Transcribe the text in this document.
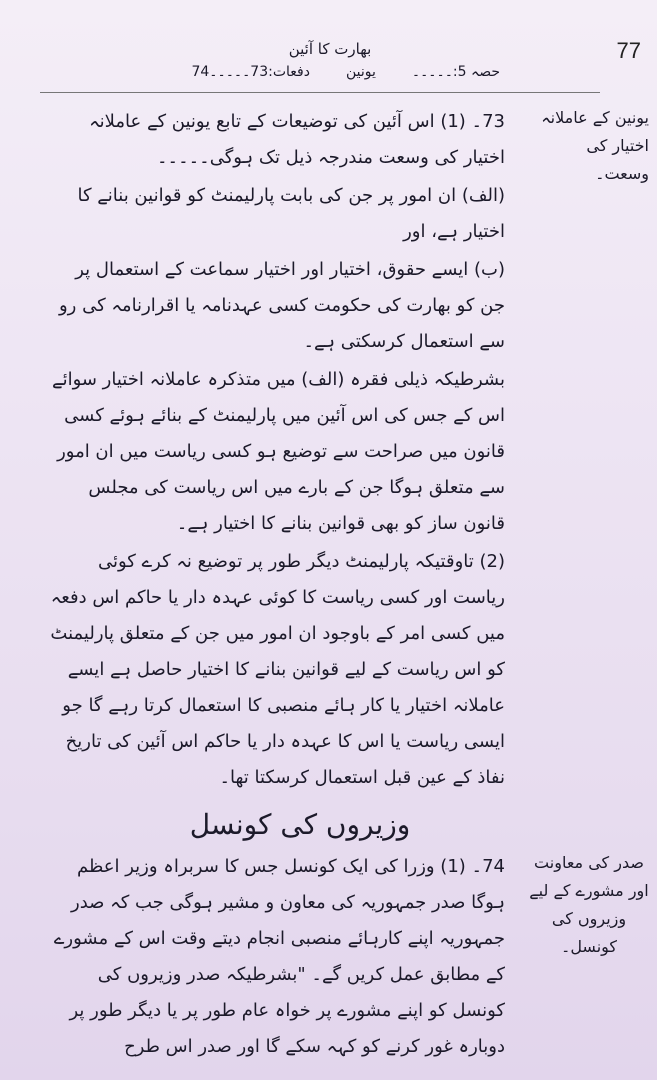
77
بھارت کا آئین
حصہ 5:۔۔۔۔۔
یونین
دفعات:73۔۔۔۔۔74
یونین کے عاملانہ اختیار کی وسعت۔
73۔ (1) اس آئین کی توضیعات کے تابع یونین کے عاملانہ اختیار کی وسعت مندرجہ ذیل تک ہوگی۔۔۔۔۔
(الف) ان امور پر جن کی بابت پارلیمنٹ کو قوانین بنانے کا اختیار ہے، اور
(ب) ایسے حقوق، اختیار اور اختیار سماعت کے استعمال پر جن کو بھارت کی حکومت کسی عہدنامہ یا اقرارنامہ کی رو سے استعمال کرسکتی ہے۔
بشرطیکہ ذیلی فقرہ (الف) میں متذکرہ عاملانہ اختیار سوائے اس کے جس کی اس آئین میں پارلیمنٹ کے بنائے ہوئے کسی قانون میں صراحت سے توضیع ہو کسی ریاست میں ان امور سے متعلق ہوگا جن کے بارے میں اس ریاست کی مجلس قانون ساز کو بھی قوانین بنانے کا اختیار ہے۔
(2) تاوقتیکہ پارلیمنٹ دیگر طور پر توضیع نہ کرے کوئی ریاست اور کسی ریاست کا کوئی عہدہ دار یا حاکم اس دفعہ میں کسی امر کے باوجود ان امور میں جن کے متعلق پارلیمنٹ کو اس ریاست کے لیے قوانین بنانے کا اختیار حاصل ہے ایسے عاملانہ اختیار یا کار ہائے منصبی کا استعمال کرتا رہے گا جو ایسی ریاست یا اس کا عہدہ دار یا حاکم اس آئین کی تاریخ نفاذ کے عین قبل استعمال کرسکتا تھا۔
وزیروں کی کونسل
صدر کی معاونت اور مشورے کے لیے وزیروں کی کونسل۔
74۔ (1) وزرا کی ایک کونسل جس کا سربراہ وزیر اعظم ہوگا صدر جمہوریہ کی معاون و مشیر ہوگی جب کہ صدر جمہوریہ اپنے کارہائے منصبی انجام دیتے وقت اس کے مشورے کے مطابق عمل کریں گے۔ "بشرطیکہ صدر وزیروں کی کونسل کو اپنے مشورے پر خواہ عام طور پر یا دیگر طور پر دوبارہ غور کرنے کو کہہ سکے گا اور صدر اس طرح
